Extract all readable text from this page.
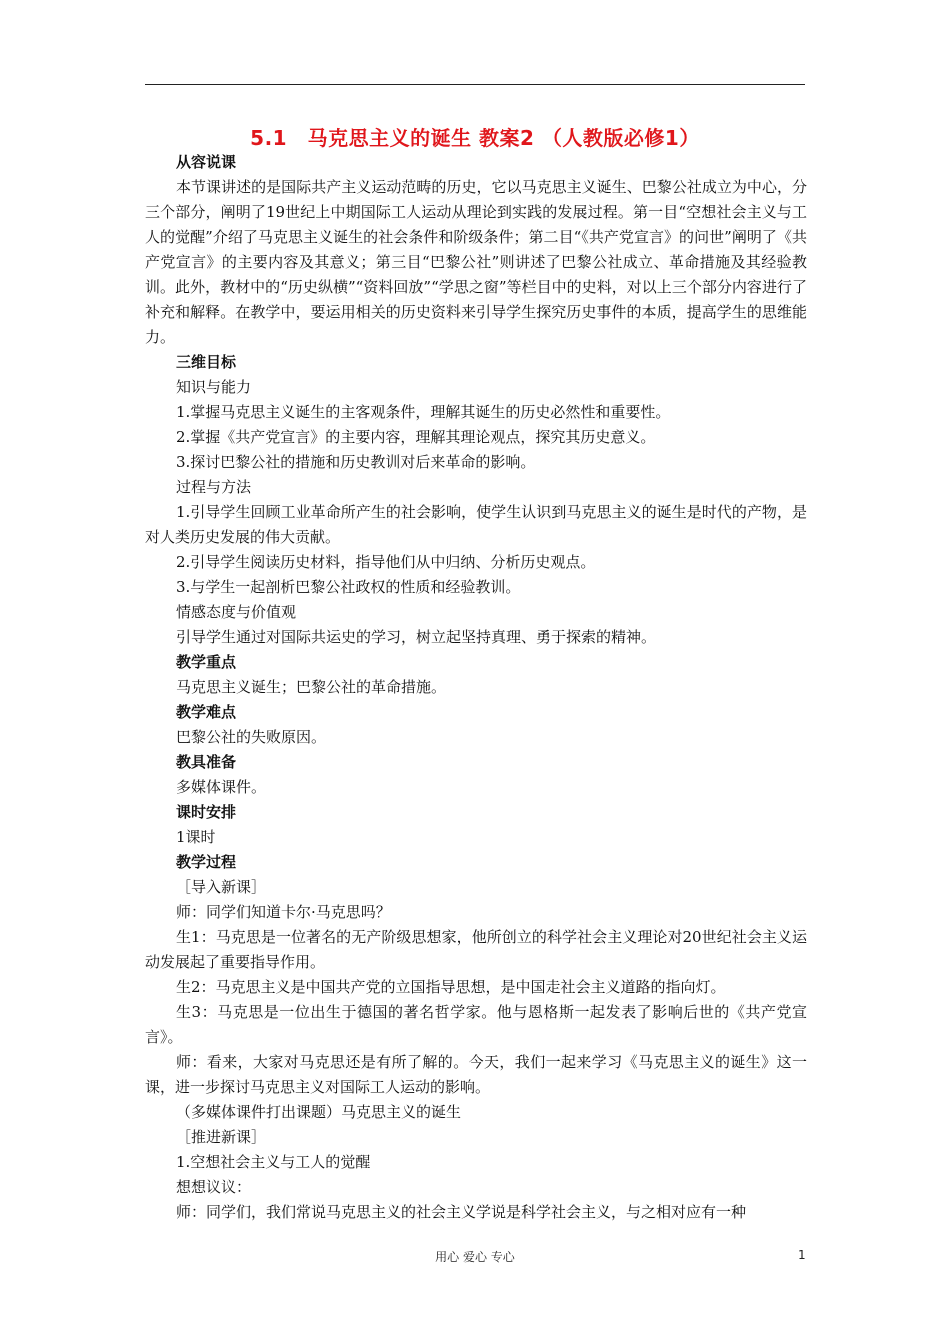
5.1　马克思主义的诞生 教案2 （人教版必修1）

从容说课

本节课讲述的是国际共产主义运动范畴的历史，它以马克思主义诞生、巴黎公社成立为中心，分三个部分，阐明了19世纪上中期国际工人运动从理论到实践的发展过程。第一目“空想社会主义与工人的觉醒”介绍了马克思主义诞生的社会条件和阶级条件；第二目“《共产党宣言》的问世”阐明了《共产党宣言》的主要内容及其意义；第三目“巴黎公社”则讲述了巴黎公社成立、革命措施及其经验教训。此外，教材中的“历史纵横”“资料回放”“学思之窗”等栏目中的史料，对以上三个部分内容进行了补充和解释。在教学中，要运用相关的历史资料来引导学生探究历史事件的本质，提高学生的思维能力。

三维目标

知识与能力

1.掌握马克思主义诞生的主客观条件，理解其诞生的历史必然性和重要性。

2.掌握《共产党宣言》的主要内容，理解其理论观点，探究其历史意义。

3.探讨巴黎公社的措施和历史教训对后来革命的影响。

过程与方法

1.引导学生回顾工业革命所产生的社会影响，使学生认识到马克思主义的诞生是时代的产物，是对人类历史发展的伟大贡献。

2.引导学生阅读历史材料，指导他们从中归纳、分析历史观点。

3.与学生一起剖析巴黎公社政权的性质和经验教训。

情感态度与价值观

引导学生通过对国际共运史的学习，树立起坚持真理、勇于探索的精神。

教学重点

马克思主义诞生；巴黎公社的革命措施。

教学难点

巴黎公社的失败原因。

教具准备

多媒体课件。

课时安排

1课时

教学过程

［导入新课］

师：同学们知道卡尔·马克思吗？

生1：马克思是一位著名的无产阶级思想家，他所创立的科学社会主义理论对20世纪社会主义运动发展起了重要指导作用。

生2：马克思主义是中国共产党的立国指导思想，是中国走社会主义道路的指向灯。

生3：马克思是一位出生于德国的著名哲学家。他与恩格斯一起发表了影响后世的《共产党宣言》。

师：看来，大家对马克思还是有所了解的。今天，我们一起来学习《马克思主义的诞生》这一课，进一步探讨马克思主义对国际工人运动的影响。

（多媒体课件打出课题）马克思主义的诞生

［推进新课］

1.空想社会主义与工人的觉醒

想想议议：

师：同学们，我们常说马克思主义的社会主义学说是科学社会主义，与之相对应有一种

用心 爱心 专心	1
